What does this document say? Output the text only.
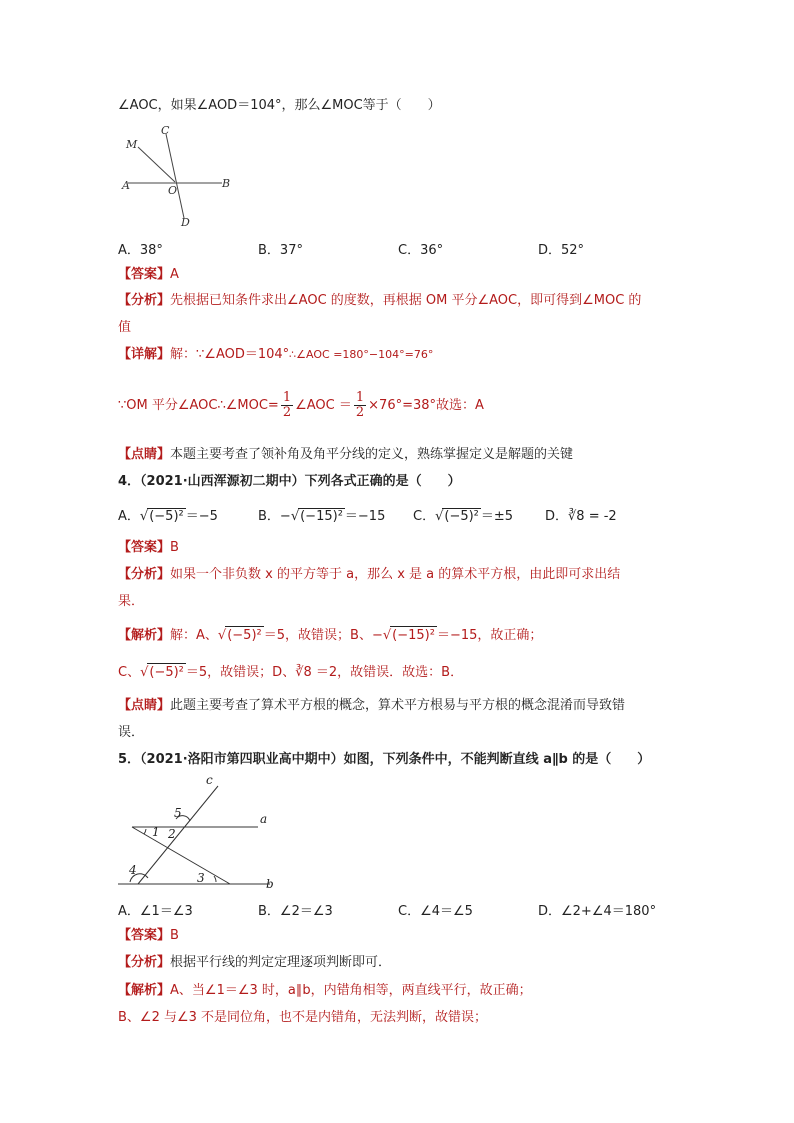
∠AOC，如果∠AOD＝104°，那么∠MOC等于（　　）
M
C
A	O
B
D
A．38°	B．37°	C．36°	D．52°
【答案】A
【分析】先根据已知条件求出∠AOC 的度数，再根据 OM 平分∠AOC，即可得到∠MOC 的
值
【详解】解：∵∠AOD＝104°∴∠AOC =180°−104°=76°
∵OM 平分∠AOC∴∠MOC= $\frac{1}{2}$ ∠AOC ＝ $\frac{1}{2} \times 76^\circ=38^\circ$故选：A
【点睛】本题主要考查了领补角及角平分线的定义，熟练掌握定义是解题的关键
4．（2021·山西浑源初二期中）下列各式正确的是（　　）
A．√(−5)² ＝−5	B．−√(−15)² ＝−15 C．√(−5)² ＝±5 D．∛8 = -2
【答案】B
【分析】如果一个非负数 x 的平方等于 a，那么 x 是 a 的算术平方根，由此即可求出结
果．
【解析】解：A、√(−5)² ＝5，故错误；B、−√(−15)² ＝−15，故正确；
C、√(−5)² ＝5，故错误；D、∛8 ＝2，故错误．故选：B．
【点睛】此题主要考查了算术平方根的概念，算术平方根易与平方根的概念混淆而导致错
误．
5．（2021·洛阳市第四职业高中期中）如图，下列条件中，不能判断直线 a∥b 的是（　　）
c
a
b
5
1 2
4
3
A．∠1＝∠3	B．∠2＝∠3	C．∠4＝∠5	D．∠2+∠4＝180°
【答案】B
【分析】根据平行线的判定定理逐项判断即可．
【解析】A、当∠1＝∠3 时，a∥b，内错角相等，两直线平行，故正确；
B、∠2 与∠3 不是同位角，也不是内错角，无法判断，故错误；
